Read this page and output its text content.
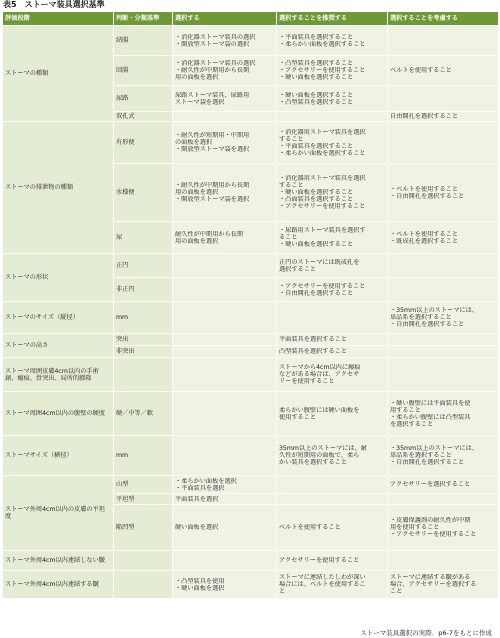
表5　ストーマ装具選択基準
評価段階	判断・分類基準	選択する	選択することを推奨する	選択することを考慮する
ストーマの種類	結腸	・消化器ストーマ装具の選択
・開放型ストーマ袋の選択	・平面装具を選択すること
・柔らかい面板を選択すること	

	回腸	・消化器ストーマ装具の選択
・耐久性が中期用から長期
用の面板を選択	・凸型装具を選択すること
・アクセサリーを使用すること
・硬い面板を選択すること	ベルトを使用すること

	尿路	尿路ストーマ装具、尿路用
ストーマ袋を選択	・硬い面板を選択すること
・凸型装具を選択すること	

	双孔式			自由開孔を選択すること

ストーマの排泄物の種類	有形便	・耐久性が短期用・中期用
の面板を選択
・開放型ストーマ袋を選択	・消化器用ストーマ装具を選択
すること
・平面装具を選択すること
・柔らかい面板を選択すること	

	水様便	・耐久性が中期用から長期
用の面板を選択
・開放型ストーマ袋を選択	・消化器用ストーマ装具を選択
すること
・硬い面板を選択すること
・凸面装具を選択すること
・アクセサリーを使用すること	・ベルトを使用すること
・自由開孔を選択すること

	尿	耐久性が中期用から長期
用の面板を選択	・尿路用ストーマ装具を選択す
ること
・硬い面板を選択すること	・ベルトを使用すること
・既成孔を選択すること

ストーマの形状	正円		正円のストーマには既成孔を
選択すること	

	非正円		・アクセサリーを使用すること
・自由開孔を選択すること	

ストーマのサイズ（縦径）	mm			・35mm以上のストーマには、
単品系を選択すること
・自由開孔を選択すること

ストーマの高さ	突出		平面装具を選択すること	

	非突出		凸型装具を選択すること	

ストーマ周囲皮膚4cm以内の手術創、瘢痕、骨突出、局所的膨隆			ストーマから4cm以内に瘢痕
などがある場合は、アクセサ
リーを使用すること	

ストーマ周囲4cm以内の腹壁の硬度	硬／中等／軟		柔らかい腹壁には硬い面板を
使用すること	・硬い腹壁には平面装具を使
用すること
・柔らかい腹壁には凸型装具
を選択すること

ストーマサイズ（横径）	mm		35mm以上のストーマには、耐
久性が短期用の面板で、柔ら
かい装具を選択すること	・35mm以上のストーマには、
単品系を選択すること
・自由開孔を選択すること

ストーマ外周4cm以内の皮膚の平坦度	山型	・柔らかい面板を選択
・平面装具を選択		アクセサリーを選択すること

	平坦型	平面装具を選択		

	陥凹型	硬い面板を選択	ベルトを使用すること	・皮膚保護剤の耐久性が中期
用を使用すること
・アクセサリーを使用すること

ストーマ外周4cm以内連結しない皺			アクセサリーを使用すること	

ストーマ外周4cm以内連結する皺		・凸型装具を使用
・硬い面板を選択	ストーマに連結したしわが深い
場合には、ベルトを使用するこ
と	ストーマに連結する皺がある
場合、アクセサリーを選択する
こと
ストーマ装具選択の実際．p6-7をもとに作成
